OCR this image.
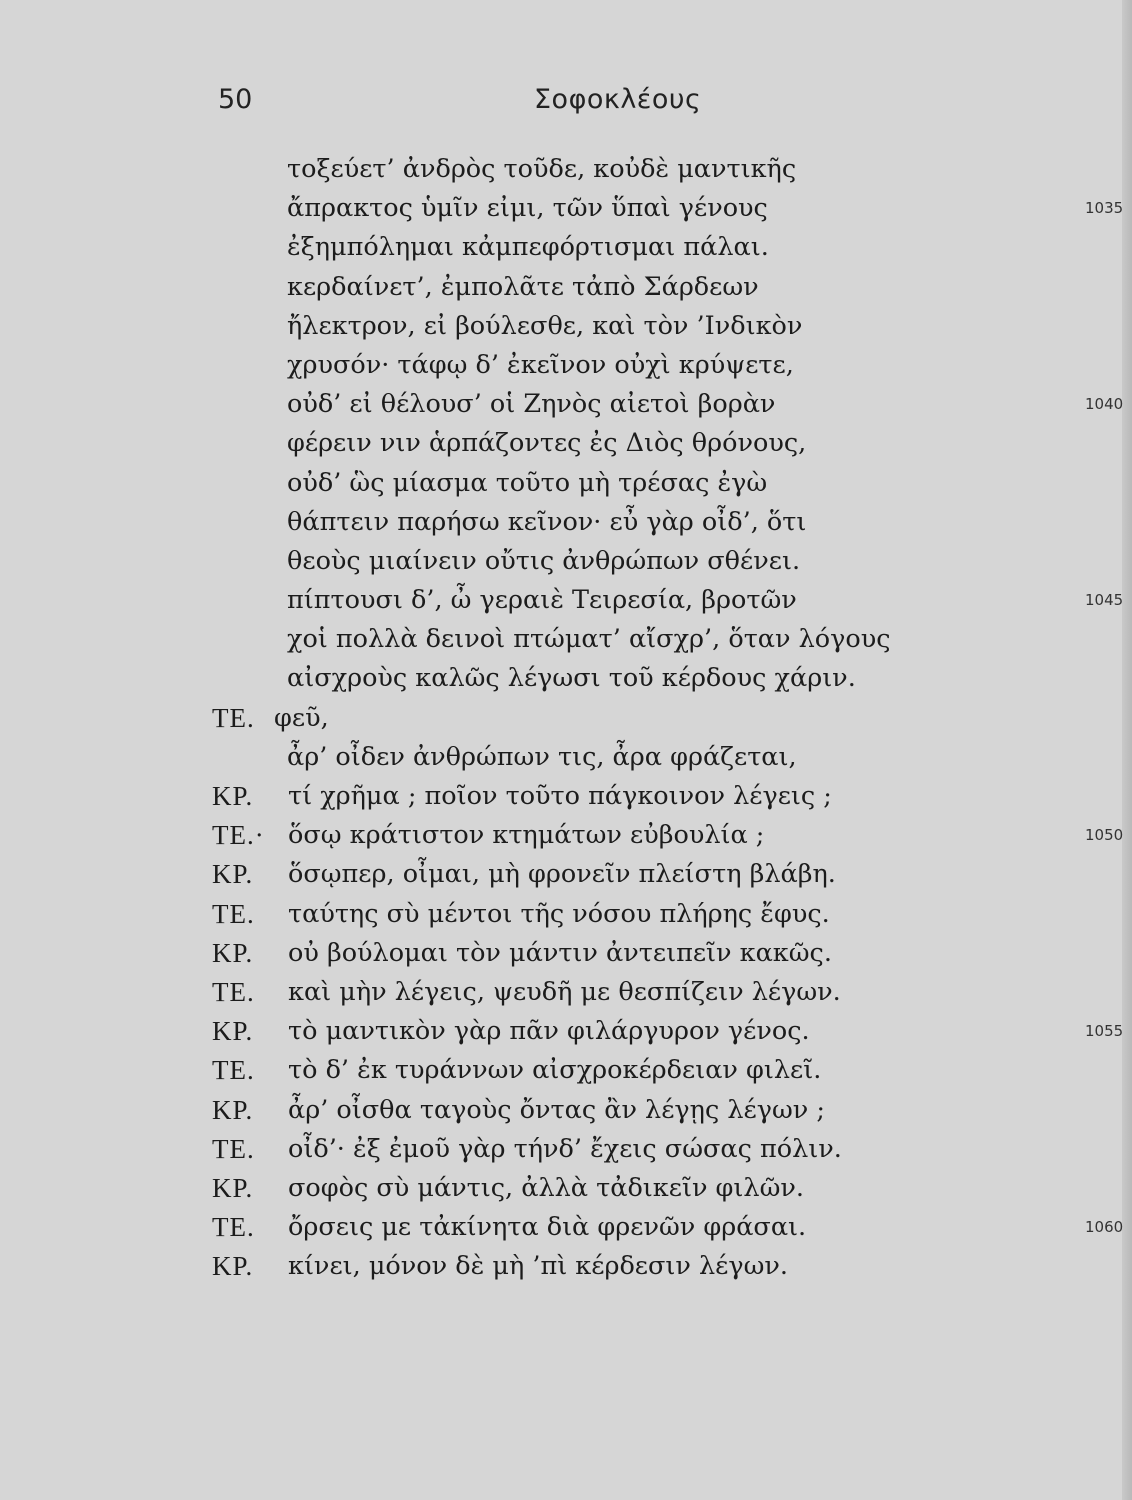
50	Σοφοκλέους
τοξεύετ’ ἀνδρὸς τοῦδε, κοὐδὲ μαντικῆς
ἄπρακτος ὑμῖν εἰμι, τῶν ὕπαὶ γένους	1035
ἐξημπόλημαι κἀμπεφόρτισμαι πάλαι.
κερδαίνετ’, ἐμπολᾶτε τἀπὸ Σάρδεων
ἤλεκτρον, εἰ βούλεσθε, καὶ τὸν ’Ινδικὸν
χρυσόν· τάφῳ δ’ ἐκεῖνον οὐχὶ κρύψετε,
οὐδ’ εἰ θέλουσ’ οἱ Ζηνὸς αἰετοὶ βορὰν	1040
φέρειν νιν ἁρπάζοντες ἐς Διὸς θρόνους,
οὐδ’ ὣς μίασμα τοῦτο μὴ τρέσας ἐγὼ
θάπτειν παρήσω κεῖνον· εὖ γὰρ οἶδ’, ὅτι
θεοὺς μιαίνειν οὔτις ἀνθρώπων σθένει.
πίπτουσι δ’, ὦ γεραιὲ Τειρεσία, βροτῶν	1045
χοἱ πολλὰ δεινοὶ πτώματ’ αἴσχρ’, ὅταν λόγους
αἰσχροὺς καλῶς λέγωσι τοῦ κέρδους χάριν.
ΤΕ. φεῦ,
ἆρ’ οἶδεν ἀνθρώπων τις, ἆρα φράζεται,
ΚΡ. τί χρῆμα ; ποῖον τοῦτο πάγκοινον λέγεις ;
ΤΕ.· ὅσῳ κράτιστον κτημάτων εὐβουλία ;	1050
ΚΡ. ὅσῳπερ, οἶμαι, μὴ φρονεῖν πλείστη βλάβη.
ΤΕ. ταύτης σὺ μέντοι τῆς νόσου πλήρης ἔφυς.
ΚΡ. οὐ βούλομαι τὸν μάντιν ἀντειπεῖν κακῶς.
ΤΕ. καὶ μὴν λέγεις, ψευδῆ με θεσπίζειν λέγων.
ΚΡ. τὸ μαντικὸν γὰρ πᾶν φιλάργυρον γένος.	1055
ΤΕ. τὸ δ’ ἐκ τυράννων αἰσχροκέρδειαν φιλεῖ.
ΚΡ. ἆρ’ οἶσθα ταγοὺς ὄντας ἂν λέγῃς λέγων ;
ΤΕ. οἶδ’· ἐξ ἐμοῦ γὰρ τήνδ’ ἔχεις σώσας πόλιν.
ΚΡ. σοφὸς σὺ μάντις, ἀλλὰ τἀδικεῖν φιλῶν.
ΤΕ. ὄρσεις με τἀκίνητα διὰ φρενῶν φράσαι.	1060
ΚΡ. κίνει, μόνον δὲ μὴ ’πὶ κέρδεσιν λέγων.
